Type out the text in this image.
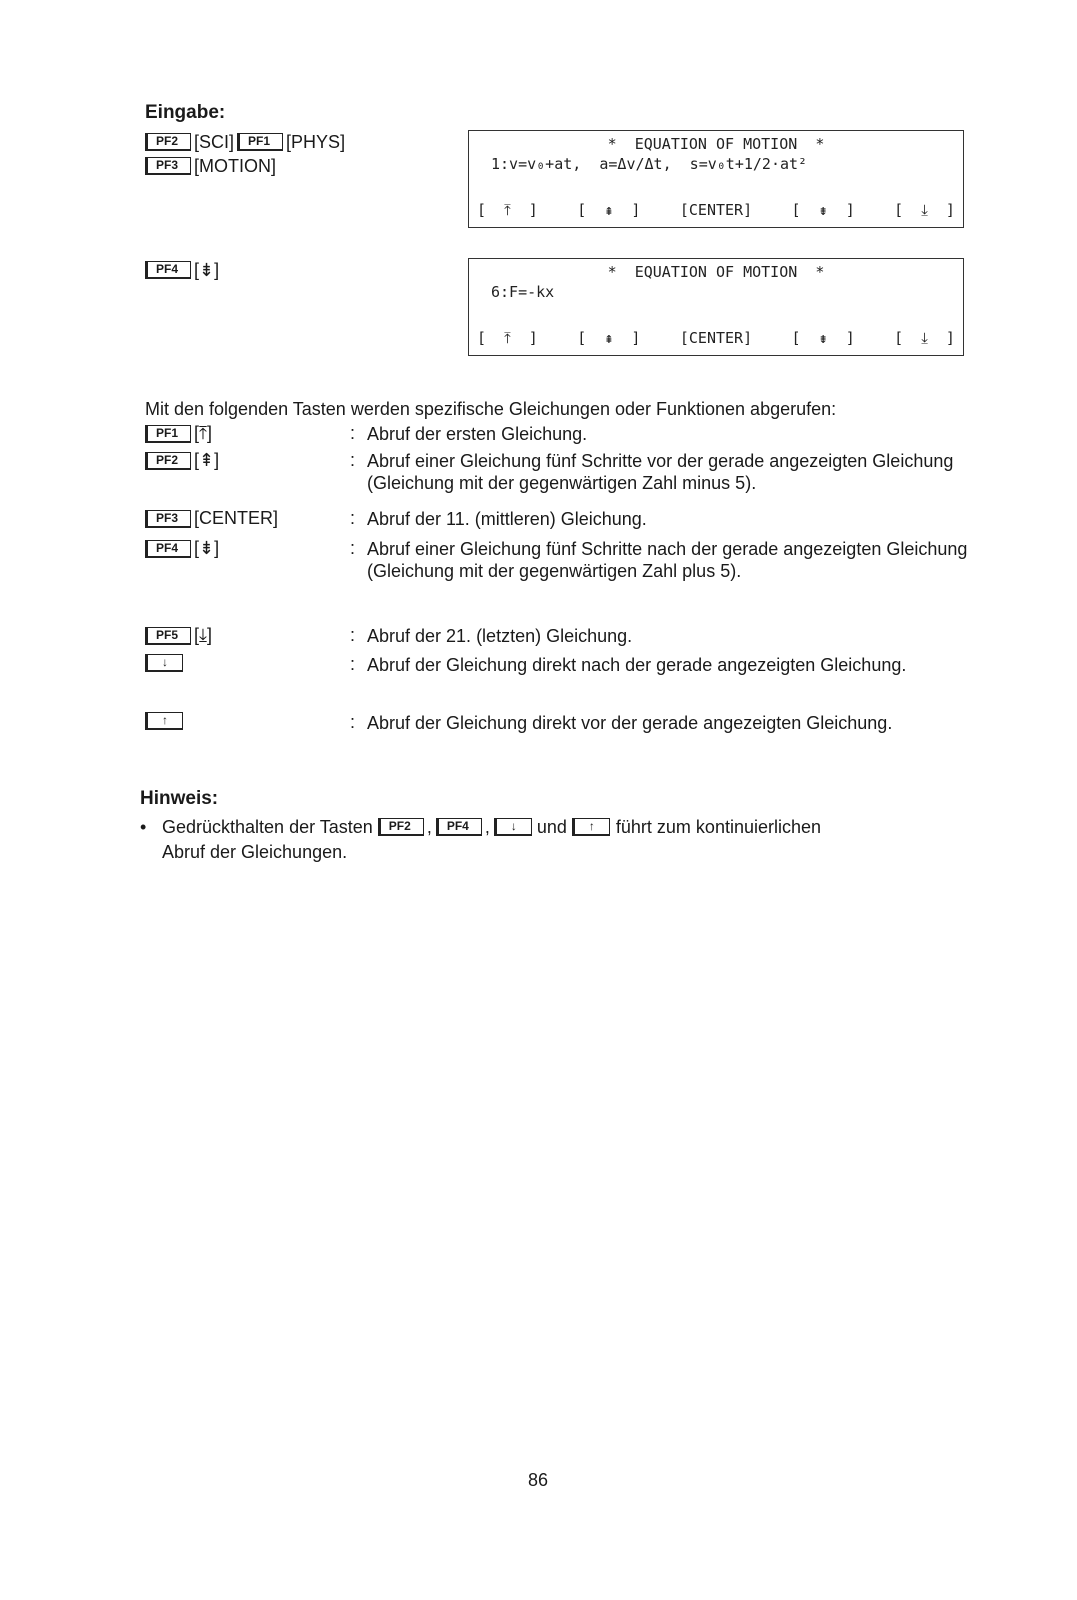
Eingabe:
PF2 [SCI]	PF1 [PHYS]
PF3 [MOTION]
PF4 [⇟]
*  EQUATION OF MOTION  *
1:v=v₀+at,  a=Δv/Δt,  s=v₀t+1/2·at²
[  ⤒  ]	[  ⇞  ]	[CENTER]	[  ⇟  ]	[  ⤓  ]
*  EQUATION OF MOTION  *
6:F=-kx
[  ⤒  ]	[  ⇞  ]	[CENTER]	[  ⇟  ]	[  ⤓  ]
Mit den folgenden Tasten werden spezifische Gleichungen oder Funktionen abgerufen:
PF1 [⤒]	: Abruf der ersten Gleichung.
PF2 [⇞]	: Abruf einer Gleichung fünf Schritte vor der gerade angezeigten Gleichung (Gleichung mit der gegenwärtigen Zahl minus 5).
PF3 [CENTER]	: Abruf der 11. (mittleren) Gleichung.
PF4 [⇟]	: Abruf einer Gleichung fünf Schritte nach der gerade angezeigten Gleichung (Gleichung mit der gegenwärtigen Zahl plus 5).
PF5 [⤓]	: Abruf der 21. (letzten) Gleichung.
↓	: Abruf der Gleichung direkt nach der gerade angezeigten Gleichung.
↑	: Abruf der Gleichung direkt vor der gerade angezeigten Gleichung.
Hinweis:
• Gedrückthalten der Tasten	PF2 ,	PF4 ,	↓	und	↑	führt zum kontinuierlichen
Abruf der Gleichungen.
86
